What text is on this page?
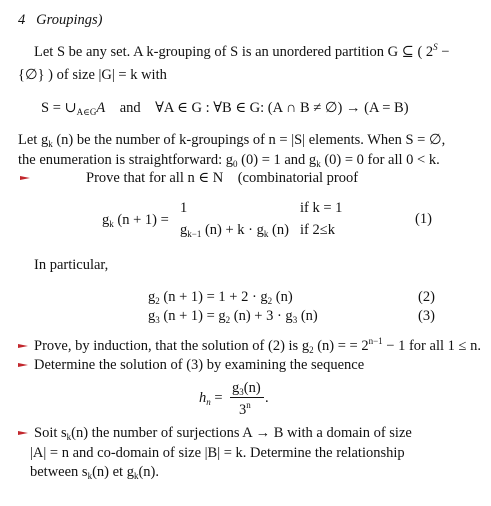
4 Groupings)
Let S be any set. A k-grouping of S is an unordered partition G ⊆ ( $2^S$ −
{∅} ) of size |G| = k with
$S = \cup_{A\in G}A$ and ∀A ∈ G : ∀B ∈ G: (A ∩ B ≠ ∅) → (A = B)
Let $g_k$ (n) be the number of k-groupings of n = |S| elements. When S = ∅,
the enumeration is straightforward: $g_0$ (0) = 1 and $g_k$ (0) = 0 for all 0 < k.
Prove that for all n ∈ N (combinatorial proof
$g_k$ (n + 1) =
1	if k = 1
$g_{k-1}$ $(n) + k \cdot g_k$ (n) if 2≤k
(1)
In particular,
$g_2$ $(n + 1) = 1 + 2 \cdot g_2$ (n)	(2)
$g_3$ $(n + 1) = g_2$ $(n) + 3 \cdot g_3$ (n)	(3)
Prove, by induction, that the solution of (2) is $g_2$ (n) = = $2^{n-1} - 1$ for all 1 ≤ n.
Determine the solution of (3) by examining the sequence
$h_n$ =
$g_3(n)$
3$^n$ .
Soit $s_k(n)$ the number of surjections A → B with a domain of size
|A| = n and co-domain of size |B| = k. Determine the relationship
between $s_k(n)$ et $g_k(n)$.
